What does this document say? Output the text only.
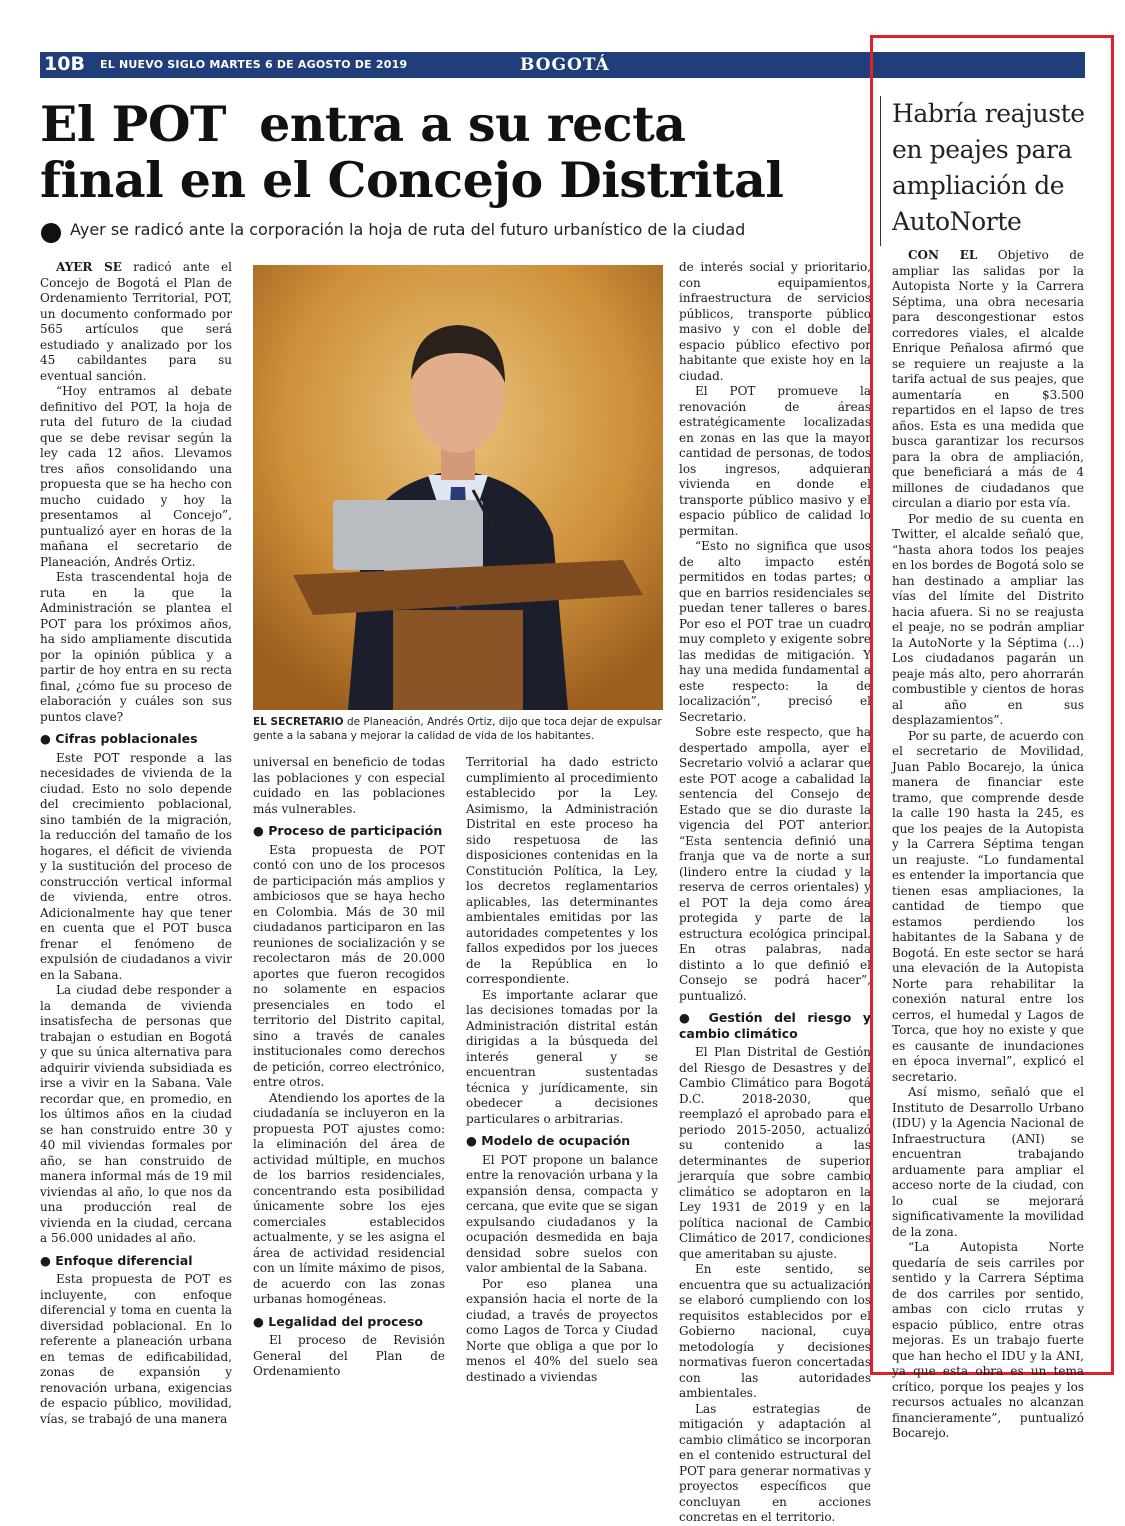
10B EL NUEVO SIGLO MARTES 6 DE AGOSTO DE 2019	BOGOTÁ
El POT  entra a su recta
final en el Concejo Distrital
Ayer se radicó ante la corporación la hoja de ruta del futuro urbanístico de la ciudad

AYER SE radicó ante el Concejo de Bogotá el Plan de Ordenamiento Territorial, POT, un documento conformado por 565 artículos que será estudiado y analizado por los 45 cabildantes para su eventual sanción.

“Hoy entramos al debate definitivo del POT, la hoja de ruta del futuro de la ciudad que se debe revisar según la ley cada 12 años. Llevamos tres años consolidando una propuesta que se ha hecho con mucho cuidado y hoy la presentamos al Concejo”, puntualizó ayer en horas de la mañana el secretario de Planeación, Andrés Ortiz.

Esta trascendental hoja de ruta en la que la Administración se plantea el POT para los próximos años, ha sido ampliamente discutida por la opinión pública y a partir de hoy entra en su recta final, ¿cómo fue su proceso de elaboración y cuáles son sus puntos clave?

● Cifras poblacionales

Este POT responde a las necesidades de vivienda de la ciudad. Esto no solo depende del crecimiento poblacional, sino también de la migración, la reducción del tamaño de los hogares, el déficit de vivienda y la sustitución del proceso de construcción vertical informal de vivienda, entre otros. Adicionalmente hay que tener en cuenta que el POT busca frenar el fenómeno de expulsión de ciudadanos a vivir en la Sabana.

La ciudad debe responder a la demanda de vivienda insatisfecha de personas que trabajan o estudian en Bogotá y que su única alternativa para adquirir vivienda subsidiada es irse a vivir en la Sabana. Vale recordar que, en promedio, en los últimos años en la ciudad se han construido entre 30 y 40 mil viviendas formales por año, se han construido de manera informal más de 19 mil viviendas al año, lo que nos da una producción real de vivienda en la ciudad, cercana a 56.000 unidades al año.

● Enfoque diferencial

Esta propuesta de POT es incluyente, con enfoque diferencial y toma en cuenta la diversidad poblacional. En lo referente a planeación urbana en temas de edificabilidad, zonas de expansión y renovación urbana, exigencias de espacio público, movilidad, vías, se trabajó de una manera

EL SECRETARIO de Planeación, Andrés Ortiz, dijo que toca dejar de expulsar gente a la sabana y mejorar la calidad de vida de los habitantes.

universal en beneficio de todas las poblaciones y con especial cuidado en las poblaciones más vulnerables.

● Proceso de participación

Esta propuesta de POT contó con uno de los procesos de participación más amplios y ambiciosos que se haya hecho en Colombia. Más de 30 mil ciudadanos participaron en las reuniones de socialización y se recolectaron más de 20.000 aportes que fueron recogidos no solamente en espacios presenciales en todo el territorio del Distrito capital, sino a través de canales institucionales como derechos de petición, correo electrónico, entre otros.

Atendiendo los aportes de la ciudadanía se incluyeron en la propuesta POT ajustes como: la eliminación del área de actividad múltiple, en muchos de los barrios residenciales, concentrando esta posibilidad únicamente sobre los ejes comerciales establecidos actualmente, y se les asigna el área de actividad residencial con un límite máximo de pisos, de acuerdo con las zonas urbanas homogéneas.

● Legalidad del proceso

El proceso de Revisión General del Plan de Ordenamiento

Territorial ha dado estricto cumplimiento al procedimiento establecido por la Ley. Asimismo, la Administración Distrital en este proceso ha sido respetuosa de las disposiciones contenidas en la Constitución Política, la Ley, los decretos reglamentarios aplicables, las determinantes ambientales emitidas por las autoridades competentes y los fallos expedidos por los jueces de la República en lo correspondiente.

Es importante aclarar que las decisiones tomadas por la Administración distrital están dirigidas a la búsqueda del interés general y se encuentran sustentadas técnica y jurídicamente, sin obedecer a decisiones particulares o arbitrarias.

● Modelo de ocupación

El POT propone un balance entre la renovación urbana y la expansión densa, compacta y cercana, que evite que se sigan expulsando ciudadanos y la ocupación desmedida en baja densidad sobre suelos con valor ambiental de la Sabana.

Por eso planea una expansión hacia el norte de la ciudad, a través de proyectos como Lagos de Torca y Ciudad Norte que obliga a que por lo menos el 40% del suelo sea destinado a viviendas

de interés social y prioritario, con equipamientos, infraestructura de servicios públicos, transporte público masivo y con el doble del espacio público efectivo por habitante que existe hoy en la ciudad.

El POT promueve la renovación de áreas estratégicamente localizadas en zonas en las que la mayor cantidad de personas, de todos los ingresos, adquieran vivienda en donde el transporte público masivo y el espacio público de calidad lo permitan.

“Esto no significa que usos de alto impacto estén permitidos en todas partes; o que en barrios residenciales se puedan tener talleres o bares. Por eso el POT trae un cuadro muy completo y exigente sobre las medidas de mitigación. Y hay una medida fundamental a este respecto: la de localización”, precisó el Secretario.

Sobre este respecto, que ha despertado ampolla, ayer el Secretario volvió a aclarar que este POT acoge a cabalidad la sentencia del Consejo de Estado que se dio duraste la vigencia del POT anterior. “Esta sentencia definió una franja que va de norte a sur (lindero entre la ciudad y la reserva de cerros orientales) y el POT la deja como área protegida y parte de la estructura ecológica principal. En otras palabras, nada distinto a lo que definió el Consejo se podrá hacer”, puntualizó.

● Gestión del riesgo y cambio climático

El Plan Distrital de Gestión del Riesgo de Desastres y del Cambio Climático para Bogotá D.C. 2018-2030, que reemplazó el aprobado para el periodo 2015-2050, actualizó su contenido a las determinantes de superior jerarquía que sobre cambio climático se adoptaron en la Ley 1931 de 2019 y en la política nacional de Cambio Climático de 2017, condiciones que ameritaban su ajuste.

En este sentido, se encuentra que su actualización se elaboró cumpliendo con los requisitos establecidos por el Gobierno nacional, cuya metodología y decisiones normativas fueron concertadas con las autoridades ambientales.

Las estrategias de mitigación y adaptación al cambio climático se incorporan en el contenido estructural del POT para generar normativas y proyectos específicos que concluyan en acciones concretas en el territorio.

Habría reajuste en peajes para ampliación de AutoNorte

CON EL Objetivo de ampliar las salidas por la Autopista Norte y la Carrera Séptima, una obra necesaria para descongestionar estos corredores viales, el alcalde Enrique Peñalosa afirmó que se requiere un reajuste a la tarifa actual de sus peajes, que aumentaría en $3.500 repartidos en el lapso de tres años. Esta es una medida que busca garantizar los recursos para la obra de ampliación, que beneficiará a más de 4 millones de ciudadanos que circulan a diario por esta vía.

Por medio de su cuenta en Twitter, el alcalde señaló que, “hasta ahora todos los peajes en los bordes de Bogotá solo se han destinado a ampliar las vías del límite del Distrito hacia afuera. Si no se reajusta el peaje, no se podrán ampliar la AutoNorte y la Séptima (...) Los ciudadanos pagarán un peaje más alto, pero ahorrarán combustible y cientos de horas al año en sus desplazamientos”.

Por su parte, de acuerdo con el secretario de Movilidad, Juan Pablo Bocarejo, la única manera de financiar este tramo, que comprende desde la calle 190 hasta la 245, es que los peajes de la Autopista y la Carrera Séptima tengan un reajuste. “Lo fundamental es entender la importancia que tienen esas ampliaciones, la cantidad de tiempo que estamos perdiendo los habitantes de la Sabana y de Bogotá. En este sector se hará una elevación de la Autopista Norte para rehabilitar la conexión natural entre los cerros, el humedal y Lagos de Torca, que hoy no existe y que es causante de inundaciones en época invernal”, explicó el secretario.

Así mismo, señaló que el Instituto de Desarrollo Urbano (IDU) y la Agencia Nacional de Infraestructura (ANI) se encuentran trabajando arduamente para ampliar el acceso norte de la ciudad, con lo cual se mejorará significativamente la movilidad de la zona.

“La Autopista Norte quedaría de seis carriles por sentido y la Carrera Séptima de dos carriles por sentido, ambas con ciclo rrutas y espacio público, entre otras mejoras. Es un trabajo fuerte que han hecho el IDU y la ANI, ya que esta obra es un tema crítico, porque los peajes y los recursos actuales no alcanzan financieramente”, puntualizó Bocarejo.
